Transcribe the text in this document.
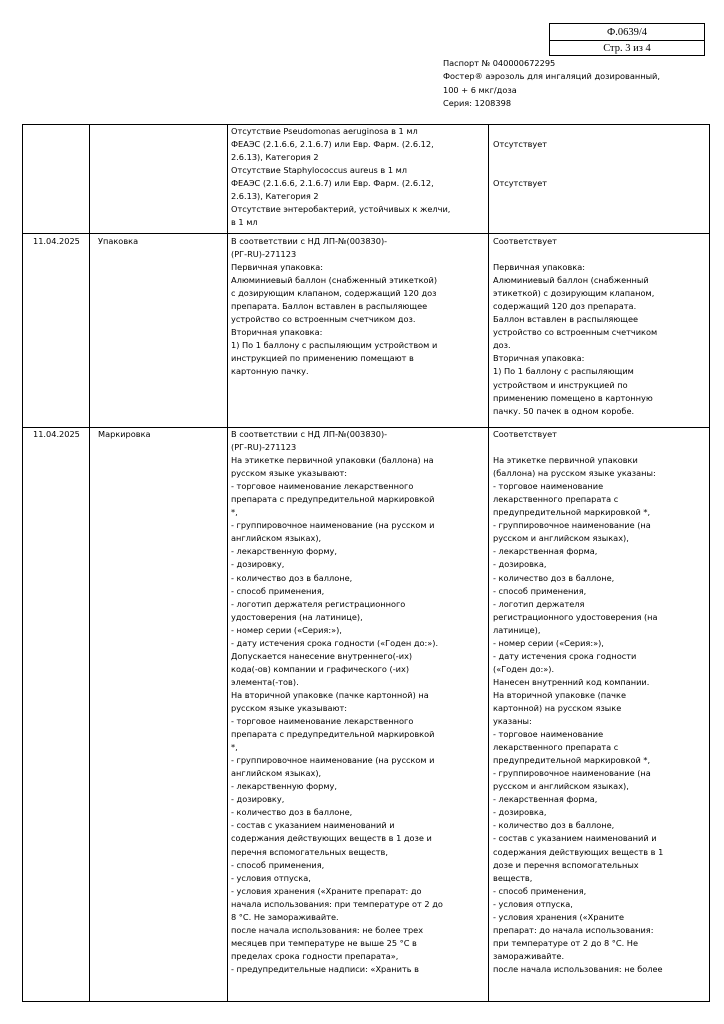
Ф.0639/4
Стр. 3 из 4
Паспорт № 040000672295
Фостер® аэрозоль для ингаляций дозированный,
100 + 6 мкг/доза
Серия: 1208398
Отсутствие Pseudomonas aeruginosa в 1 мл
ФЕАЭС (2.1.6.6, 2.1.6.7) или Евр. Фарм. (2.6.12,
2.6.13), Категория 2
Отсутствие Staphylococcus aureus в 1 мл
ФЕАЭС (2.1.6.6, 2.1.6.7) или Евр. Фарм. (2.6.12,
2.6.13), Категория 2
Отсутствие энтеробактерий, устойчивых к желчи,
в 1 мл
Отсутствует
Отсутствует
11.04.2025 Упаковка	В соответствии с НД ЛП-№(003830)-
(РГ-RU)-271123
Первичная упаковка:
Алюминиевый баллон (снабженный этикеткой)
с дозирующим клапаном, содержащий 120 доз
препарата. Баллон вставлен в распыляющее
устройство со встроенным счетчиком доз.
Вторичная упаковка:
1) По 1 баллону с распыляющим устройством и
инструкцией по применению помещают в
картонную пачку.
Соответствует
Первичная упаковка:
Алюминиевый баллон (снабженный
этикеткой) с дозирующим клапаном,
содержащий 120 доз препарата.
Баллон вставлен в распыляющее
устройство со встроенным счетчиком
доз.
Вторичная упаковка:
1) По 1 баллону с распыляющим
устройством и инструкцией по
применению помещено в картонную
пачку. 50 пачек в одном коробе.
11.04.2025 Маркировка	В соответствии с НД ЛП-№(003830)-
(РГ-RU)-271123
На этикетке первичной упаковки (баллона) на
русском языке указывают:
- торговое наименование лекарственного
препарата с предупредительной маркировкой
*,
- группировочное наименование (на русском и
английском языках),
- лекарственную форму,
- дозировку,
- количество доз в баллоне,
- способ применения,
- логотип держателя регистрационного
удостоверения (на латинице),
- номер серии («Серия:»),
- дату истечения срока годности («Годен до:»).
Допускается нанесение внутреннего(-их)
кода(-ов) компании и графического (-их)
элемента(-тов).
На вторичной упаковке (пачке картонной) на
русском языке указывают:
- торговое наименование лекарственного
препарата с предупредительной маркировкой
*,
- группировочное наименование (на русском и
английском языках),
- лекарственную форму,
- дозировку,
- количество доз в баллоне,
- состав с указанием наименований и
содержания действующих веществ в 1 дозе и
перечня вспомогательных веществ,
- способ применения,
- условия отпуска,
- условия хранения («Храните препарат: до
начала использования: при температуре от 2 до
8 °С. Не замораживайте.
после начала использования: не более трех
месяцев при температуре не выше 25 °С в
пределах срока годности препарата»,
- предупредительные надписи: «Хранить в
Соответствует
На этикетке первичной упаковки
(баллона) на русском языке указаны:
- торговое наименование
лекарственного препарата с
предупредительной маркировкой *,
- группировочное наименование (на
русском и английском языках),
- лекарственная форма,
- дозировка,
- количество доз в баллоне,
- способ применения,
- логотип держателя
регистрационного удостоверения (на
латинице),
- номер серии («Серия:»),
- дату истечения срока годности
(«Годен до:»).
Нанесен внутренний код компании.
На вторичной упаковке (пачке
картонной) на русском языке
указаны:
- торговое наименование
лекарственного препарата с
предупредительной маркировкой *,
- группировочное наименование (на
русском и английском языках),
- лекарственная форма,
- дозировка,
- количество доз в баллоне,
- состав с указанием наименований и
содержания действующих веществ в 1
дозе и перечня вспомогательных
веществ,
- способ применения,
- условия отпуска,
- условия хранения («Храните
препарат: до начала использования:
при температуре от 2 до 8 °С. Не
замораживайте.
после начала использования: не более
